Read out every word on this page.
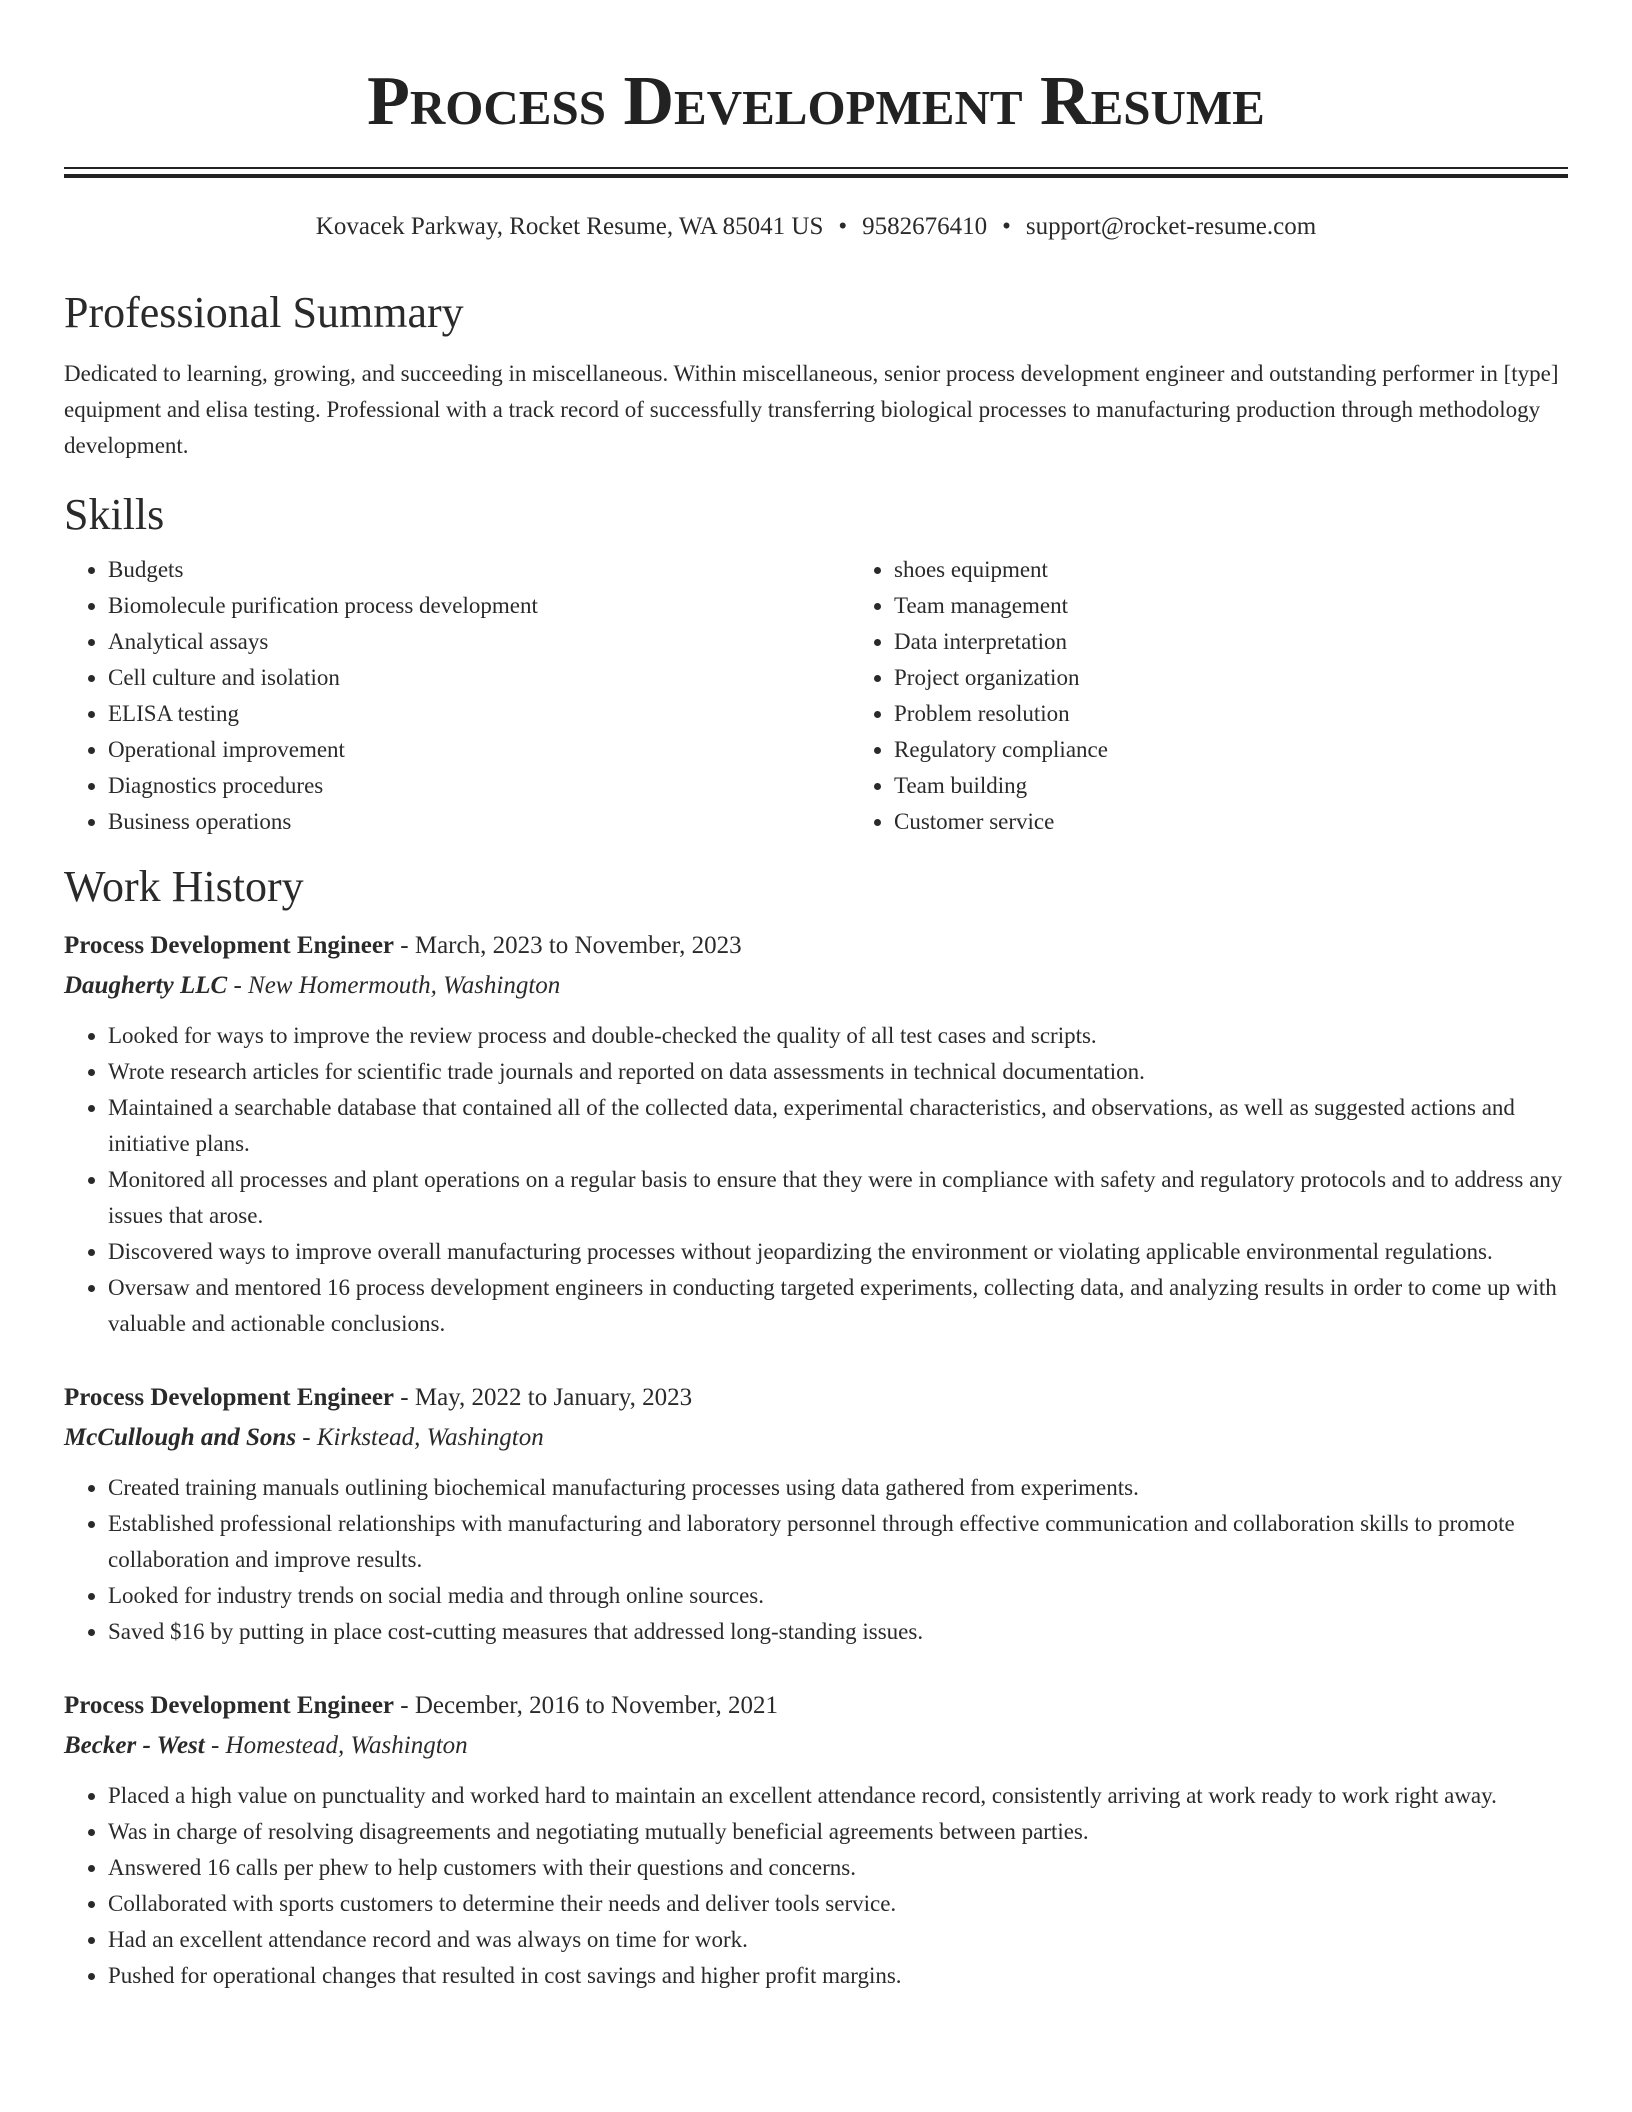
Process Development Resume
Kovacek Parkway, Rocket Resume, WA 85041 US • 9582676410 • support@rocket-resume.com
Professional Summary

Dedicated to learning, growing, and succeeding in miscellaneous. Within miscellaneous, senior process development engineer and outstanding performer in [type] equipment and elisa testing. Professional with a track record of successfully transferring biological processes to manufacturing production through methodology development.

Skills
• Budgets
• Biomolecule purification process development
• Analytical assays
• Cell culture and isolation
• ELISA testing
• Operational improvement
• Diagnostics procedures
• Business operations
• shoes equipment
• Team management
• Data interpretation
• Project organization
• Problem resolution
• Regulatory compliance
• Team building
• Customer service
Work History
Process Development Engineer - March, 2023 to November, 2023
Daugherty LLC - New Homermouth, Washington
• Looked for ways to improve the review process and double-checked the quality of all test cases and scripts.
• Wrote research articles for scientific trade journals and reported on data assessments in technical documentation.
• Maintained a searchable database that contained all of the collected data, experimental characteristics, and observations, as well as suggested actions and initiative plans.
• Monitored all processes and plant operations on a regular basis to ensure that they were in compliance with safety and regulatory protocols and to address any issues that arose.
• Discovered ways to improve overall manufacturing processes without jeopardizing the environment or violating applicable environmental regulations.
• Oversaw and mentored 16 process development engineers in conducting targeted experiments, collecting data, and analyzing results in order to come up with valuable and actionable conclusions.
Process Development Engineer - May, 2022 to January, 2023
McCullough and Sons - Kirkstead, Washington
• Created training manuals outlining biochemical manufacturing processes using data gathered from experiments.
• Established professional relationships with manufacturing and laboratory personnel through effective communication and collaboration skills to promote collaboration and improve results.
• Looked for industry trends on social media and through online sources.
• Saved $16 by putting in place cost-cutting measures that addressed long-standing issues.
Process Development Engineer - December, 2016 to November, 2021
Becker - West - Homestead, Washington
• Placed a high value on punctuality and worked hard to maintain an excellent attendance record, consistently arriving at work ready to work right away.
• Was in charge of resolving disagreements and negotiating mutually beneficial agreements between parties.
• Answered 16 calls per phew to help customers with their questions and concerns.
• Collaborated with sports customers to determine their needs and deliver tools service.
• Had an excellent attendance record and was always on time for work.
• Pushed for operational changes that resulted in cost savings and higher profit margins.
